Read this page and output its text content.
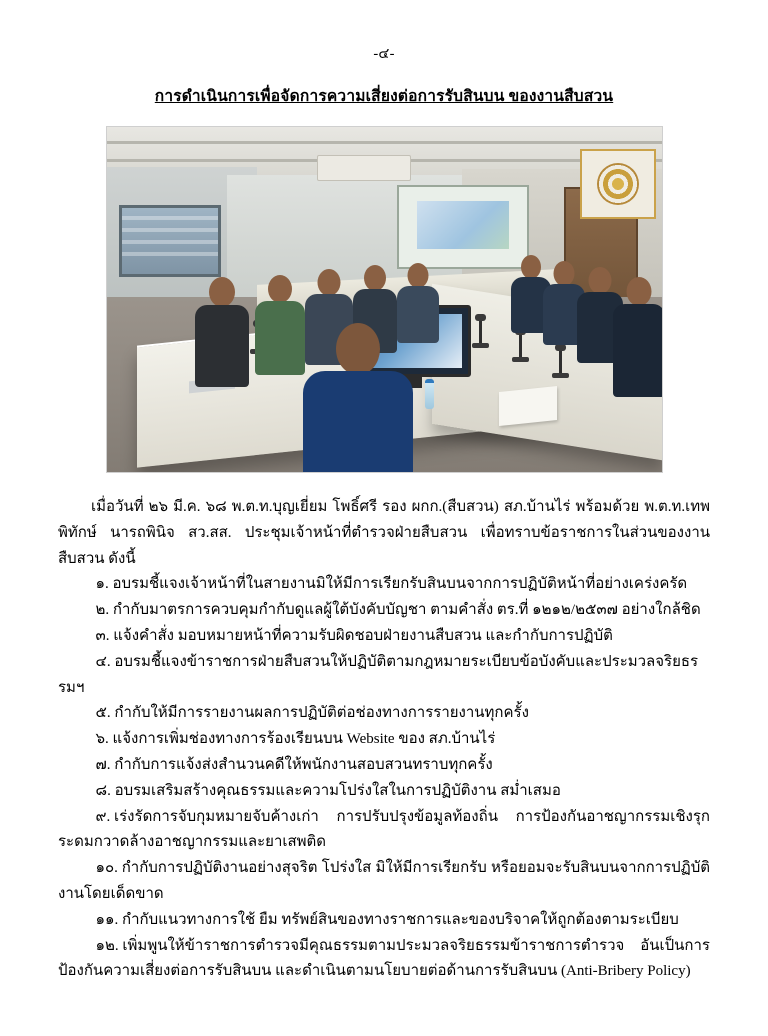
-๔-
การดำเนินการเพื่อจัดการความเสี่ยงต่อการรับสินบน ของงานสืบสวน

เมื่อวันที่ ๒๖ มี.ค. ๖๘ พ.ต.ท.บุญเยี่ยม โพธิ์ศรี รอง ผกก.(สืบสวน) สภ.บ้านไร่ พร้อมด้วย พ.ต.ท.เทพพิทักษ์ นารถพินิจ สว.สส. ประชุมเจ้าหน้าที่ตำรวจฝ่ายสืบสวน เพื่อทราบข้อราชการในส่วนของงานสืบสวน ดังนี้

๑. อบรมชี้แจงเจ้าหน้าที่ในสายงานมิให้มีการเรียกรับสินบนจากการปฏิบัติหน้าที่อย่างเคร่งครัด
๒. กำกับมาตรการควบคุมกำกับดูแลผู้ใต้บังคับบัญชา ตามคำสั่ง ตร.ที่ ๑๒๑๒/๒๕๓๗ อย่างใกล้ชิด
๓. แจ้งคำสั่ง มอบหมายหน้าที่ความรับผิดชอบฝ่ายงานสืบสวน และกำกับการปฏิบัติ
๔. อบรมชี้แจงข้าราชการฝ่ายสืบสวนให้ปฏิบัติตามกฎหมายระเบียบข้อบังคับและประมวลจริยธรรมฯ
๕. กำกับให้มีการรายงานผลการปฏิบัติต่อช่องทางการรายงานทุกครั้ง
๖. แจ้งการเพิ่มช่องทางการร้องเรียนบน Website ของ สภ.บ้านไร่
๗. กำกับการแจ้งส่งสำนวนคดีให้พนักงานสอบสวนทราบทุกครั้ง
๘. อบรมเสริมสร้างคุณธรรมและความโปร่งใสในการปฏิบัติงาน สม่ำเสมอ
๙. เร่งรัดการจับกุมหมายจับค้างเก่า การปรับปรุงข้อมูลท้องถิ่น การป้องกันอาชญากรรมเชิงรุก ระดมกวาดล้างอาชญากรรมและยาเสพติด
๑๐. กำกับการปฏิบัติงานอย่างสุจริต โปร่งใส มิให้มีการเรียกรับ หรือยอมจะรับสินบนจากการปฏิบัติงานโดยเด็ดขาด
๑๑. กำกับแนวทางการใช้ ยืม ทรัพย์สินของทางราชการและของบริจาคให้ถูกต้องตามระเบียบ
๑๒. เพิ่มพูนให้ข้าราชการตำรวจมีคุณธรรมตามประมวลจริยธรรมข้าราชการตำรวจ อันเป็นการป้องกันความเสี่ยงต่อการรับสินบน และดำเนินตามนโยบายต่อด้านการรับสินบน (Anti-Bribery Policy)
